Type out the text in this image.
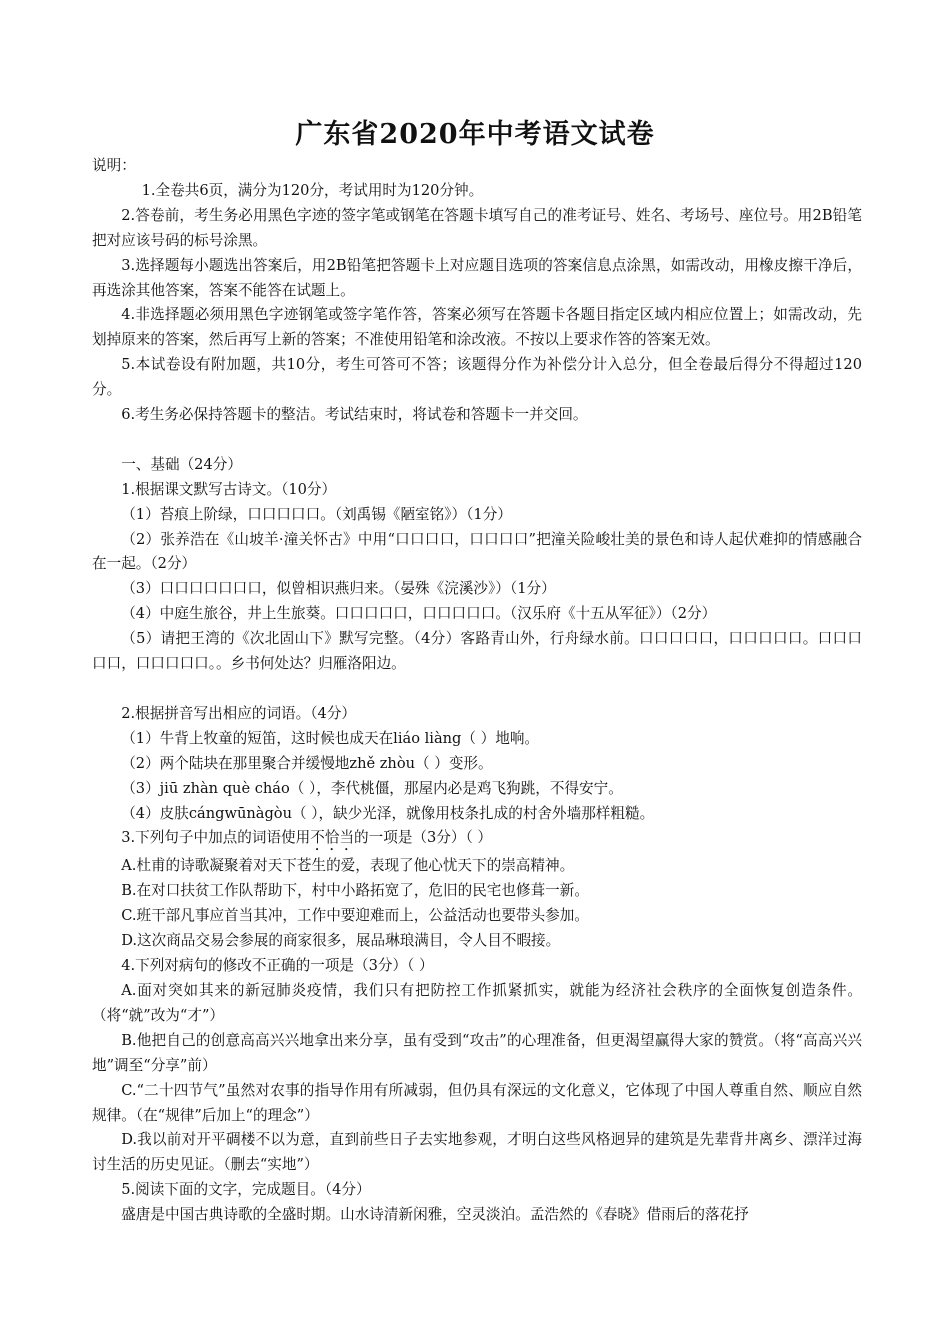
广东省2020年中考语文试卷

说明：

1.全卷共6页，满分为120分，考试用时为120分钟。

2.答卷前，考生务必用黑色字迹的签字笔或钢笔在答题卡填写自己的准考证号、姓名、考场号、座位号。用2B铅笔把对应该号码的标号涂黑。

3.选择题每小题选出答案后，用2B铅笔把答题卡上对应题目选项的答案信息点涂黑，如需改动，用橡皮擦干净后，再选涂其他答案，答案不能答在试题上。

4.非选择题必须用黑色字迹钢笔或签字笔作答，答案必须写在答题卡各题目指定区域内相应位置上；如需改动，先划掉原来的答案，然后再写上新的答案；不准使用铅笔和涂改液。不按以上要求作答的答案无效。

5.本试卷设有附加题，共10分，考生可答可不答；该题得分作为补偿分计入总分，但全卷最后得分不得超过120分。

6.考生务必保持答题卡的整洁。考试结束时，将试卷和答题卡一并交回。

一、基础（24分）

1.根据课文默写古诗文。（10分）

（1）苔痕上阶绿，口口口口口。（刘禹锡《陋室铭》）（1分）

（2）张养浩在《山坡羊·潼关怀古》中用“口口口口，口口口口”把潼关险峻壮美的景色和诗人起伏难抑的情感融合在一起。（2分）

（3）口口口口口口口，似曾相识燕归来。（晏殊《浣溪沙》）（1分）

（4）中庭生旅谷，井上生旅葵。口口口口口，口口口口口。（汉乐府《十五从军征》）（2分）

（5）请把王湾的《次北固山下》默写完整。（4分）客路青山外，行舟绿水前。口口口口口，口口口口口。口口口口口，口口口口口。。乡书何处达？归雁洛阳边。

2.根据拼音写出相应的词语。（4分）

（1）牛背上牧童的短笛，这时候也成天在liáo liàng（ ）地响。

（2）两个陆块在那里聚合并缓慢地zhě zhòu（ ）变形。

（3）jiū zhàn què cháo（ ），李代桃僵，那屋内必是鸡飞狗跳，不得安宁。

（4）皮肤cángwūnàgòu（ ），缺少光泽，就像用枝条扎成的村舍外墙那样粗糙。

3.下列句子中加点的词语使用不恰当的一项是（3分）（ ）

A.杜甫的诗歌凝聚着对天下苍生的爱，表现了他心忧天下的崇高精神。

B.在对口扶贫工作队帮助下，村中小路拓宽了，危旧的民宅也修葺一新。

C.班干部凡事应首当其冲，工作中要迎难而上，公益活动也要带头参加。

D.这次商品交易会参展的商家很多，展品琳琅满目，令人目不暇接。

4.下列对病句的修改不正确的一项是（3分）（ ）

A.面对突如其来的新冠肺炎疫情，我们只有把防控工作抓紧抓实，就能为经济社会秩序的全面恢复创造条件。（将“就”改为“才”）

B.他把自己的创意高高兴兴地拿出来分享，虽有受到“攻击”的心理准备，但更渴望赢得大家的赞赏。（将“高高兴兴地”调至“分享”前）

C.“二十四节气”虽然对农事的指导作用有所减弱，但仍具有深远的文化意义，它体现了中国人尊重自然、顺应自然规律。（在“规律”后加上“的理念”）

D.我以前对开平碉楼不以为意，直到前些日子去实地参观，才明白这些风格迥异的建筑是先辈背井离乡、漂洋过海讨生活的历史见证。（删去“实地”）

5.阅读下面的文字，完成题目。（4分）

盛唐是中国古典诗歌的全盛时期。山水诗清新闲雅，空灵淡泊。孟浩然的《春晓》借雨后的落花抒
